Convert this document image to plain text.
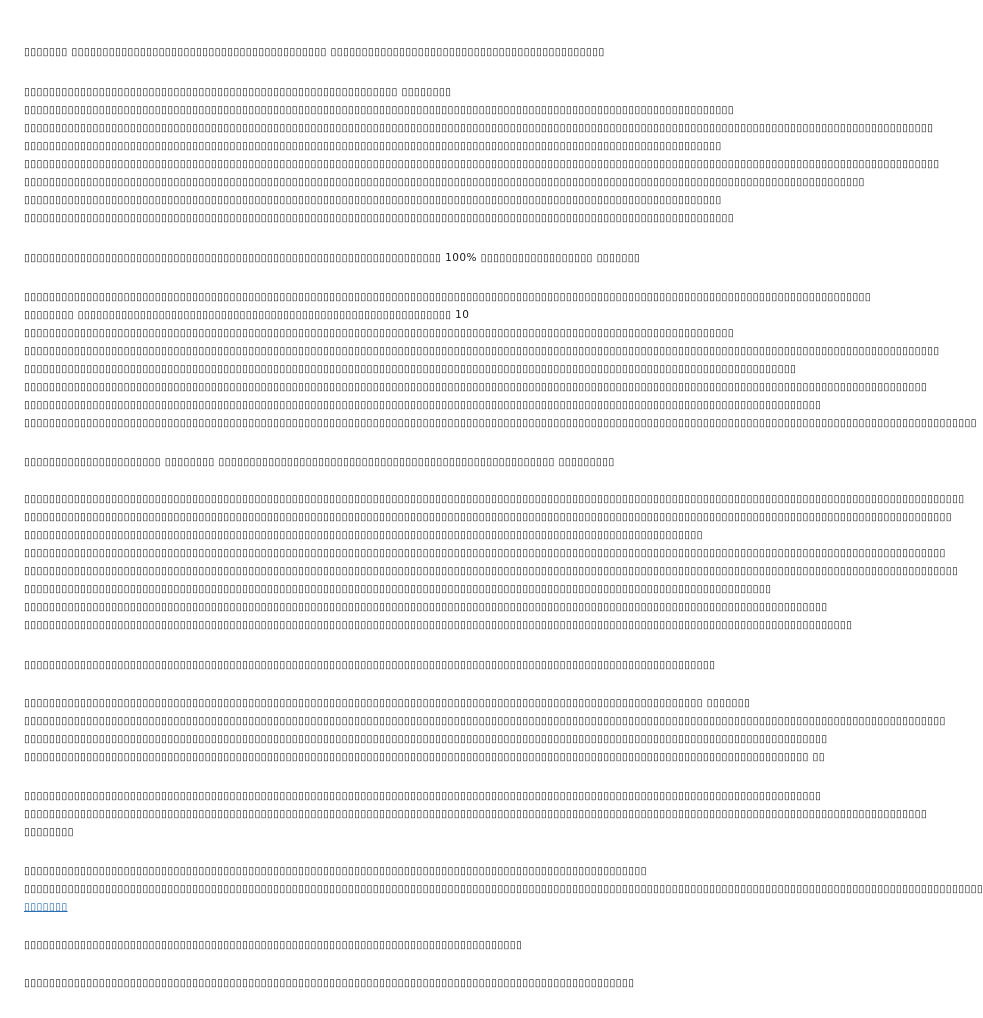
▯▯▯▯▯▯▯ ▯▯▯▯▯▯▯▯▯▯▯▯▯▯▯▯▯▯▯▯▯▯▯▯▯▯▯▯▯▯▯▯▯▯▯▯▯▯▯▯▯ ▯▯▯▯▯▯▯▯▯▯▯▯▯▯▯▯▯▯▯▯▯▯▯▯▯▯▯▯▯▯▯▯▯▯▯▯▯▯▯▯▯▯▯▯
▯▯▯▯▯▯▯▯▯▯▯▯▯▯▯▯▯▯▯▯▯▯▯▯▯▯▯▯▯▯▯▯▯▯▯▯▯▯▯▯▯▯▯▯▯▯▯▯▯▯▯▯▯▯▯▯▯▯▯▯ ▯▯▯▯▯▯▯▯
▯▯▯▯▯▯▯▯▯▯▯▯▯▯▯▯▯▯▯▯▯▯▯▯▯▯▯▯▯▯▯▯▯▯▯▯▯▯▯▯▯▯▯▯▯▯▯▯▯▯▯▯▯▯▯▯▯▯▯▯▯▯▯▯▯▯▯▯▯▯▯▯▯▯▯▯▯▯▯▯▯▯▯▯▯▯▯▯▯▯▯▯▯▯▯▯▯▯▯▯▯▯▯▯▯▯▯▯▯▯▯▯▯▯
▯▯▯▯▯▯▯▯▯▯▯▯▯▯▯▯▯▯▯▯▯▯▯▯▯▯▯▯▯▯▯▯▯▯▯▯▯▯▯▯▯▯▯▯▯▯▯▯▯▯▯▯▯▯▯▯▯▯▯▯▯▯▯▯▯▯▯▯▯▯▯▯▯▯▯▯▯▯▯▯▯▯▯▯▯▯▯▯▯▯▯▯▯▯▯▯▯▯▯▯▯▯▯▯▯▯▯▯▯▯▯▯▯▯▯▯▯▯▯▯▯▯▯▯▯▯▯▯▯▯▯▯▯▯▯▯▯▯▯▯▯▯▯▯▯▯
▯▯▯▯▯▯▯▯▯▯▯▯▯▯▯▯▯▯▯▯▯▯▯▯▯▯▯▯▯▯▯▯▯▯▯▯▯▯▯▯▯▯▯▯▯▯▯▯▯▯▯▯▯▯▯▯▯▯▯▯▯▯▯▯▯▯▯▯▯▯▯▯▯▯▯▯▯▯▯▯▯▯▯▯▯▯▯▯▯▯▯▯▯▯▯▯▯▯▯▯▯▯▯▯▯▯▯▯▯▯▯▯
▯▯▯▯▯▯▯▯▯▯▯▯▯▯▯▯▯▯▯▯▯▯▯▯▯▯▯▯▯▯▯▯▯▯▯▯▯▯▯▯▯▯▯▯▯▯▯▯▯▯▯▯▯▯▯▯▯▯▯▯▯▯▯▯▯▯▯▯▯▯▯▯▯▯▯▯▯▯▯▯▯▯▯▯▯▯▯▯▯▯▯▯▯▯▯▯▯▯▯▯▯▯▯▯▯▯▯▯▯▯▯▯▯▯▯▯▯▯▯▯▯▯▯▯▯▯▯▯▯▯▯▯▯▯▯▯▯▯▯▯▯▯▯▯▯▯▯
▯▯▯▯▯▯▯▯▯▯▯▯▯▯▯▯▯▯▯▯▯▯▯▯▯▯▯▯▯▯▯▯▯▯▯▯▯▯▯▯▯▯▯▯▯▯▯▯▯▯▯▯▯▯▯▯▯▯▯▯▯▯▯▯▯▯▯▯▯▯▯▯▯▯▯▯▯▯▯▯▯▯▯▯▯▯▯▯▯▯▯▯▯▯▯▯▯▯▯▯▯▯▯▯▯▯▯▯▯▯▯▯▯▯▯▯▯▯▯▯▯▯▯▯▯▯▯▯▯▯▯▯▯▯▯
▯▯▯▯▯▯▯▯▯▯▯▯▯▯▯▯▯▯▯▯▯▯▯▯▯▯▯▯▯▯▯▯▯▯▯▯▯▯▯▯▯▯▯▯▯▯▯▯▯▯▯▯▯▯▯▯▯▯▯▯▯▯▯▯▯▯▯▯▯▯▯▯▯▯▯▯▯▯▯▯▯▯▯▯▯▯▯▯▯▯▯▯▯▯▯▯▯▯▯▯▯▯▯▯▯▯▯▯▯▯▯▯
▯▯▯▯▯▯▯▯▯▯▯▯▯▯▯▯▯▯▯▯▯▯▯▯▯▯▯▯▯▯▯▯▯▯▯▯▯▯▯▯▯▯▯▯▯▯▯▯▯▯▯▯▯▯▯▯▯▯▯▯▯▯▯▯▯▯▯▯▯▯▯▯▯▯▯▯▯▯▯▯▯▯▯▯▯▯▯▯▯▯▯▯▯▯▯▯▯▯▯▯▯▯▯▯▯▯▯▯▯▯▯▯▯▯
▯▯▯▯▯▯▯▯▯▯▯▯▯▯▯▯▯▯▯▯▯▯▯▯▯▯▯▯▯▯▯▯▯▯▯▯▯▯▯▯▯▯▯▯▯▯▯▯▯▯▯▯▯▯▯▯▯▯▯▯▯▯▯▯▯▯▯ 100% ▯▯▯▯▯▯▯▯▯▯▯▯▯▯▯▯▯▯ ▯▯▯▯▯▯▯
▯▯▯▯▯▯▯▯▯▯▯▯▯▯▯▯▯▯▯▯▯▯▯▯▯▯▯▯▯▯▯▯▯▯▯▯▯▯▯▯▯▯▯▯▯▯▯▯▯▯▯▯▯▯▯▯▯▯▯▯▯▯▯▯▯▯▯▯▯▯▯▯▯▯▯▯▯▯▯▯▯▯▯▯▯▯▯▯▯▯▯▯▯▯▯▯▯▯▯▯▯▯▯▯▯▯▯▯▯▯▯▯▯▯▯▯▯▯▯▯▯▯▯▯▯▯▯▯▯▯▯▯▯▯▯▯
▯▯▯▯▯▯▯▯ ▯▯▯▯▯▯▯▯▯▯▯▯▯▯▯▯▯▯▯▯▯▯▯▯▯▯▯▯▯▯▯▯▯▯▯▯▯▯▯▯▯▯▯▯▯▯▯▯▯▯▯▯▯▯▯▯▯▯▯▯ 10
▯▯▯▯▯▯▯▯▯▯▯▯▯▯▯▯▯▯▯▯▯▯▯▯▯▯▯▯▯▯▯▯▯▯▯▯▯▯▯▯▯▯▯▯▯▯▯▯▯▯▯▯▯▯▯▯▯▯▯▯▯▯▯▯▯▯▯▯▯▯▯▯▯▯▯▯▯▯▯▯▯▯▯▯▯▯▯▯▯▯▯▯▯▯▯▯▯▯▯▯▯▯▯▯▯▯▯▯▯▯▯▯▯▯
▯▯▯▯▯▯▯▯▯▯▯▯▯▯▯▯▯▯▯▯▯▯▯▯▯▯▯▯▯▯▯▯▯▯▯▯▯▯▯▯▯▯▯▯▯▯▯▯▯▯▯▯▯▯▯▯▯▯▯▯▯▯▯▯▯▯▯▯▯▯▯▯▯▯▯▯▯▯▯▯▯▯▯▯▯▯▯▯▯▯▯▯▯▯▯▯▯▯▯▯▯▯▯▯▯▯▯▯▯▯▯▯▯▯▯▯▯▯▯▯▯▯▯▯▯▯▯▯▯▯▯▯▯▯▯▯▯▯▯▯▯▯▯▯▯▯▯
▯▯▯▯▯▯▯▯▯▯▯▯▯▯▯▯▯▯▯▯▯▯▯▯▯▯▯▯▯▯▯▯▯▯▯▯▯▯▯▯▯▯▯▯▯▯▯▯▯▯▯▯▯▯▯▯▯▯▯▯▯▯▯▯▯▯▯▯▯▯▯▯▯▯▯▯▯▯▯▯▯▯▯▯▯▯▯▯▯▯▯▯▯▯▯▯▯▯▯▯▯▯▯▯▯▯▯▯▯▯▯▯▯▯▯▯▯▯▯▯▯▯▯▯
▯▯▯▯▯▯▯▯▯▯▯▯▯▯▯▯▯▯▯▯▯▯▯▯▯▯▯▯▯▯▯▯▯▯▯▯▯▯▯▯▯▯▯▯▯▯▯▯▯▯▯▯▯▯▯▯▯▯▯▯▯▯▯▯▯▯▯▯▯▯▯▯▯▯▯▯▯▯▯▯▯▯▯▯▯▯▯▯▯▯▯▯▯▯▯▯▯▯▯▯▯▯▯▯▯▯▯▯▯▯▯▯▯▯▯▯▯▯▯▯▯▯▯▯▯▯▯▯▯▯▯▯▯▯▯▯▯▯▯▯▯▯▯▯▯
▯▯▯▯▯▯▯▯▯▯▯▯▯▯▯▯▯▯▯▯▯▯▯▯▯▯▯▯▯▯▯▯▯▯▯▯▯▯▯▯▯▯▯▯▯▯▯▯▯▯▯▯▯▯▯▯▯▯▯▯▯▯▯▯▯▯▯▯▯▯▯▯▯▯▯▯▯▯▯▯▯▯▯▯▯▯▯▯▯▯▯▯▯▯▯▯▯▯▯▯▯▯▯▯▯▯▯▯▯▯▯▯▯▯▯▯▯▯▯▯▯▯▯▯▯▯▯▯
▯▯▯▯▯▯▯▯▯▯▯▯▯▯▯▯▯▯▯▯▯▯▯▯▯▯▯▯▯▯▯▯▯▯▯▯▯▯▯▯▯▯▯▯▯▯▯▯▯▯▯▯▯▯▯▯▯▯▯▯▯▯▯▯▯▯▯▯▯▯▯▯▯▯▯▯▯▯▯▯▯▯▯▯▯▯▯▯▯▯▯▯▯▯▯▯▯▯▯▯▯▯▯▯▯▯▯▯▯▯▯▯▯▯▯▯▯▯▯▯▯▯▯▯▯▯▯▯▯▯▯▯▯▯▯▯▯▯▯▯▯▯▯▯▯▯▯▯▯▯▯▯▯
▯▯▯▯▯▯▯▯▯▯▯▯▯▯▯▯▯▯▯▯▯▯ ▯▯▯▯▯▯▯▯ ▯▯▯▯▯▯▯▯▯▯▯▯▯▯▯▯▯▯▯▯▯▯▯▯▯▯▯▯▯▯▯▯▯▯▯▯▯▯▯▯▯▯▯▯▯▯▯▯▯▯▯▯▯▯ ▯▯▯▯▯▯▯▯▯
▯▯▯▯▯▯▯▯▯▯▯▯▯▯▯▯▯▯▯▯▯▯▯▯▯▯▯▯▯▯▯▯▯▯▯▯▯▯▯▯▯▯▯▯▯▯▯▯▯▯▯▯▯▯▯▯▯▯▯▯▯▯▯▯▯▯▯▯▯▯▯▯▯▯▯▯▯▯▯▯▯▯▯▯▯▯▯▯▯▯▯▯▯▯▯▯▯▯▯▯▯▯▯▯▯▯▯▯▯▯▯▯▯▯▯▯▯▯▯▯▯▯▯▯▯▯▯▯▯▯▯▯▯▯▯▯▯▯▯▯▯▯▯▯▯▯▯▯▯▯▯
▯▯▯▯▯▯▯▯▯▯▯▯▯▯▯▯▯▯▯▯▯▯▯▯▯▯▯▯▯▯▯▯▯▯▯▯▯▯▯▯▯▯▯▯▯▯▯▯▯▯▯▯▯▯▯▯▯▯▯▯▯▯▯▯▯▯▯▯▯▯▯▯▯▯▯▯▯▯▯▯▯▯▯▯▯▯▯▯▯▯▯▯▯▯▯▯▯▯▯▯▯▯▯▯▯▯▯▯▯▯▯▯▯▯▯▯▯▯▯▯▯▯▯▯▯▯▯▯▯▯▯▯▯▯▯▯▯▯▯▯▯▯▯▯▯▯▯▯▯
▯▯▯▯▯▯▯▯▯▯▯▯▯▯▯▯▯▯▯▯▯▯▯▯▯▯▯▯▯▯▯▯▯▯▯▯▯▯▯▯▯▯▯▯▯▯▯▯▯▯▯▯▯▯▯▯▯▯▯▯▯▯▯▯▯▯▯▯▯▯▯▯▯▯▯▯▯▯▯▯▯▯▯▯▯▯▯▯▯▯▯▯▯▯▯▯▯▯▯▯▯▯▯▯▯▯▯▯▯
▯▯▯▯▯▯▯▯▯▯▯▯▯▯▯▯▯▯▯▯▯▯▯▯▯▯▯▯▯▯▯▯▯▯▯▯▯▯▯▯▯▯▯▯▯▯▯▯▯▯▯▯▯▯▯▯▯▯▯▯▯▯▯▯▯▯▯▯▯▯▯▯▯▯▯▯▯▯▯▯▯▯▯▯▯▯▯▯▯▯▯▯▯▯▯▯▯▯▯▯▯▯▯▯▯▯▯▯▯▯▯▯▯▯▯▯▯▯▯▯▯▯▯▯▯▯▯▯▯▯▯▯▯▯▯▯▯▯▯▯▯▯▯▯▯▯▯▯
▯▯▯▯▯▯▯▯▯▯▯▯▯▯▯▯▯▯▯▯▯▯▯▯▯▯▯▯▯▯▯▯▯▯▯▯▯▯▯▯▯▯▯▯▯▯▯▯▯▯▯▯▯▯▯▯▯▯▯▯▯▯▯▯▯▯▯▯▯▯▯▯▯▯▯▯▯▯▯▯▯▯▯▯▯▯▯▯▯▯▯▯▯▯▯▯▯▯▯▯▯▯▯▯▯▯▯▯▯▯▯▯▯▯▯▯▯▯▯▯▯▯▯▯▯▯▯▯▯▯▯▯▯▯▯▯▯▯▯▯▯▯▯▯▯▯▯▯▯▯
▯▯▯▯▯▯▯▯▯▯▯▯▯▯▯▯▯▯▯▯▯▯▯▯▯▯▯▯▯▯▯▯▯▯▯▯▯▯▯▯▯▯▯▯▯▯▯▯▯▯▯▯▯▯▯▯▯▯▯▯▯▯▯▯▯▯▯▯▯▯▯▯▯▯▯▯▯▯▯▯▯▯▯▯▯▯▯▯▯▯▯▯▯▯▯▯▯▯▯▯▯▯▯▯▯▯▯▯▯▯▯▯▯▯▯▯▯▯▯▯
▯▯▯▯▯▯▯▯▯▯▯▯▯▯▯▯▯▯▯▯▯▯▯▯▯▯▯▯▯▯▯▯▯▯▯▯▯▯▯▯▯▯▯▯▯▯▯▯▯▯▯▯▯▯▯▯▯▯▯▯▯▯▯▯▯▯▯▯▯▯▯▯▯▯▯▯▯▯▯▯▯▯▯▯▯▯▯▯▯▯▯▯▯▯▯▯▯▯▯▯▯▯▯▯▯▯▯▯▯▯▯▯▯▯▯▯▯▯▯▯▯▯▯▯▯▯▯▯▯
▯▯▯▯▯▯▯▯▯▯▯▯▯▯▯▯▯▯▯▯▯▯▯▯▯▯▯▯▯▯▯▯▯▯▯▯▯▯▯▯▯▯▯▯▯▯▯▯▯▯▯▯▯▯▯▯▯▯▯▯▯▯▯▯▯▯▯▯▯▯▯▯▯▯▯▯▯▯▯▯▯▯▯▯▯▯▯▯▯▯▯▯▯▯▯▯▯▯▯▯▯▯▯▯▯▯▯▯▯▯▯▯▯▯▯▯▯▯▯▯▯▯▯▯▯▯▯▯▯▯▯▯▯
▯▯▯▯▯▯▯▯▯▯▯▯▯▯▯▯▯▯▯▯▯▯▯▯▯▯▯▯▯▯▯▯▯▯▯▯▯▯▯▯▯▯▯▯▯▯▯▯▯▯▯▯▯▯▯▯▯▯▯▯▯▯▯▯▯▯▯▯▯▯▯▯▯▯▯▯▯▯▯▯▯▯▯▯▯▯▯▯▯▯▯▯▯▯▯▯▯▯▯▯▯▯▯▯▯▯▯▯▯▯▯
▯▯▯▯▯▯▯▯▯▯▯▯▯▯▯▯▯▯▯▯▯▯▯▯▯▯▯▯▯▯▯▯▯▯▯▯▯▯▯▯▯▯▯▯▯▯▯▯▯▯▯▯▯▯▯▯▯▯▯▯▯▯▯▯▯▯▯▯▯▯▯▯▯▯▯▯▯▯▯▯▯▯▯▯▯▯▯▯▯▯▯▯▯▯▯▯▯▯▯▯▯▯▯▯▯▯▯▯▯ ▯▯▯▯▯▯▯
▯▯▯▯▯▯▯▯▯▯▯▯▯▯▯▯▯▯▯▯▯▯▯▯▯▯▯▯▯▯▯▯▯▯▯▯▯▯▯▯▯▯▯▯▯▯▯▯▯▯▯▯▯▯▯▯▯▯▯▯▯▯▯▯▯▯▯▯▯▯▯▯▯▯▯▯▯▯▯▯▯▯▯▯▯▯▯▯▯▯▯▯▯▯▯▯▯▯▯▯▯▯▯▯▯▯▯▯▯▯▯▯▯▯▯▯▯▯▯▯▯▯▯▯▯▯▯▯▯▯▯▯▯▯▯▯▯▯▯▯▯▯▯▯▯▯▯▯
▯▯▯▯▯▯▯▯▯▯▯▯▯▯▯▯▯▯▯▯▯▯▯▯▯▯▯▯▯▯▯▯▯▯▯▯▯▯▯▯▯▯▯▯▯▯▯▯▯▯▯▯▯▯▯▯▯▯▯▯▯▯▯▯▯▯▯▯▯▯▯▯▯▯▯▯▯▯▯▯▯▯▯▯▯▯▯▯▯▯▯▯▯▯▯▯▯▯▯▯▯▯▯▯▯▯▯▯▯▯▯▯▯▯▯▯▯▯▯▯▯▯▯▯▯▯▯▯▯
▯▯▯▯▯▯▯▯▯▯▯▯▯▯▯▯▯▯▯▯▯▯▯▯▯▯▯▯▯▯▯▯▯▯▯▯▯▯▯▯▯▯▯▯▯▯▯▯▯▯▯▯▯▯▯▯▯▯▯▯▯▯▯▯▯▯▯▯▯▯▯▯▯▯▯▯▯▯▯▯▯▯▯▯▯▯▯▯▯▯▯▯▯▯▯▯▯▯▯▯▯▯▯▯▯▯▯▯▯▯▯▯▯▯▯▯▯▯▯▯▯▯▯▯▯▯ ▯▯
▯▯▯▯▯▯▯▯▯▯▯▯▯▯▯▯▯▯▯▯▯▯▯▯▯▯▯▯▯▯▯▯▯▯▯▯▯▯▯▯▯▯▯▯▯▯▯▯▯▯▯▯▯▯▯▯▯▯▯▯▯▯▯▯▯▯▯▯▯▯▯▯▯▯▯▯▯▯▯▯▯▯▯▯▯▯▯▯▯▯▯▯▯▯▯▯▯▯▯▯▯▯▯▯▯▯▯▯▯▯▯▯▯▯▯▯▯▯▯▯▯▯▯▯▯▯▯▯
▯▯▯▯▯▯▯▯▯▯▯▯▯▯▯▯▯▯▯▯▯▯▯▯▯▯▯▯▯▯▯▯▯▯▯▯▯▯▯▯▯▯▯▯▯▯▯▯▯▯▯▯▯▯▯▯▯▯▯▯▯▯▯▯▯▯▯▯▯▯▯▯▯▯▯▯▯▯▯▯▯▯▯▯▯▯▯▯▯▯▯▯▯▯▯▯▯▯▯▯▯▯▯▯▯▯▯▯▯▯▯▯▯▯▯▯▯▯▯▯▯▯▯▯▯▯▯▯▯▯▯▯▯▯▯▯▯▯▯▯▯▯▯▯▯
▯▯▯▯▯▯▯▯
▯▯▯▯▯▯▯▯▯▯▯▯▯▯▯▯▯▯▯▯▯▯▯▯▯▯▯▯▯▯▯▯▯▯▯▯▯▯▯▯▯▯▯▯▯▯▯▯▯▯▯▯▯▯▯▯▯▯▯▯▯▯▯▯▯▯▯▯▯▯▯▯▯▯▯▯▯▯▯▯▯▯▯▯▯▯▯▯▯▯▯▯▯▯▯▯▯▯▯▯
▯▯▯▯▯▯▯▯▯▯▯▯▯▯▯▯▯▯▯▯▯▯▯▯▯▯▯▯▯▯▯▯▯▯▯▯▯▯▯▯▯▯▯▯▯▯▯▯▯▯▯▯▯▯▯▯▯▯▯▯▯▯▯▯▯▯▯▯▯▯▯▯▯▯▯▯▯▯▯▯▯▯▯▯▯▯▯▯▯▯▯▯▯▯▯▯▯▯▯▯▯▯▯▯▯▯▯▯▯▯▯▯▯▯▯▯▯▯▯▯▯▯▯▯▯▯▯▯▯▯▯▯▯▯▯▯▯▯▯▯▯▯▯▯▯▯▯▯▯▯▯▯▯▯
▯▯▯▯▯▯▯
▯▯▯▯▯▯▯▯▯▯▯▯▯▯▯▯▯▯▯▯▯▯▯▯▯▯▯▯▯▯▯▯▯▯▯▯▯▯▯▯▯▯▯▯▯▯▯▯▯▯▯▯▯▯▯▯▯▯▯▯▯▯▯▯▯▯▯▯▯▯▯▯▯▯▯▯▯▯▯▯
▯▯▯▯▯▯▯▯▯▯▯▯▯▯▯▯▯▯▯▯▯▯▯▯▯▯▯▯▯▯▯▯▯▯▯▯▯▯▯▯▯▯▯▯▯▯▯▯▯▯▯▯▯▯▯▯▯▯▯▯▯▯▯▯▯▯▯▯▯▯▯▯▯▯▯▯▯▯▯▯▯▯▯▯▯▯▯▯▯▯▯▯▯▯▯▯▯▯
